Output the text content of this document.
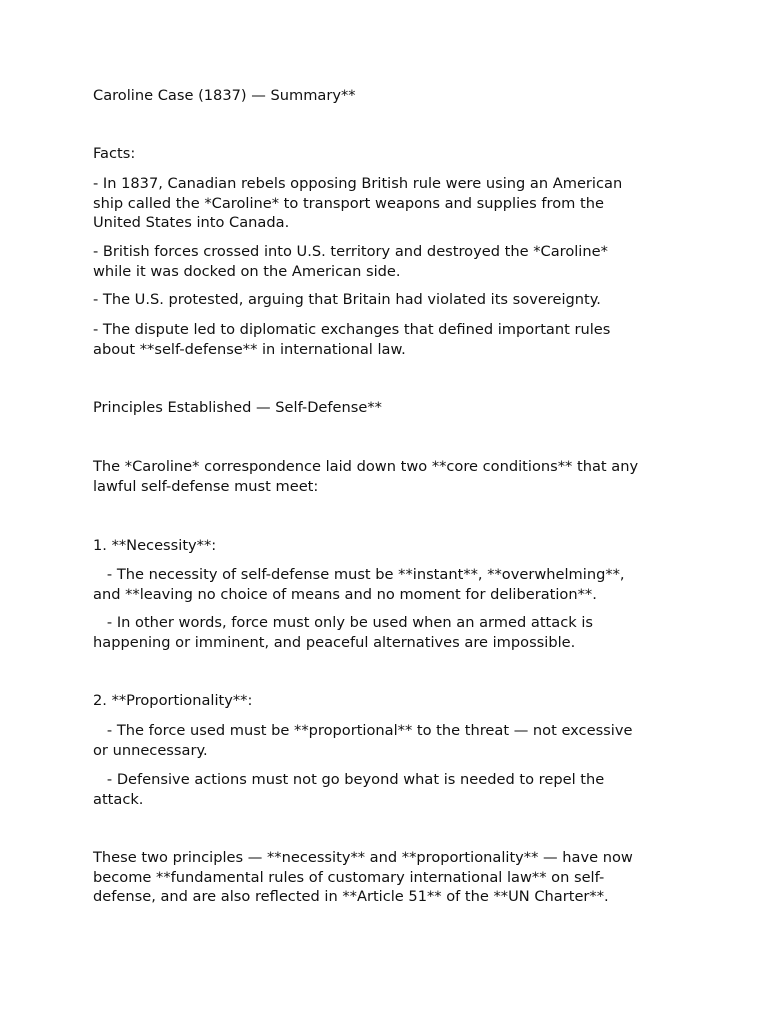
Caroline Case (1837) — Summary**
Facts:
- In 1837, Canadian rebels opposing British rule were using an American
ship called the *Caroline* to transport weapons and supplies from the
United States into Canada.
- British forces crossed into U.S. territory and destroyed the *Caroline*
while it was docked on the American side.
- The U.S. protested, arguing that Britain had violated its sovereignty.
- The dispute led to diplomatic exchanges that defined important rules
about **self-defense** in international law.
Principles Established — Self-Defense**
The *Caroline* correspondence laid down two **core conditions** that any
lawful self-defense must meet:
1. **Necessity**:
- The necessity of self-defense must be **instant**, **overwhelming**,
and **leaving no choice of means and no moment for deliberation**.
- In other words, force must only be used when an armed attack is
happening or imminent, and peaceful alternatives are impossible.
2. **Proportionality**:
- The force used must be **proportional** to the threat — not excessive
or unnecessary.
- Defensive actions must not go beyond what is needed to repel the
attack.
These two principles — **necessity** and **proportionality** — have now
become **fundamental rules of customary international law** on self-
defense, and are also reflected in **Article 51** of the **UN Charter**.
